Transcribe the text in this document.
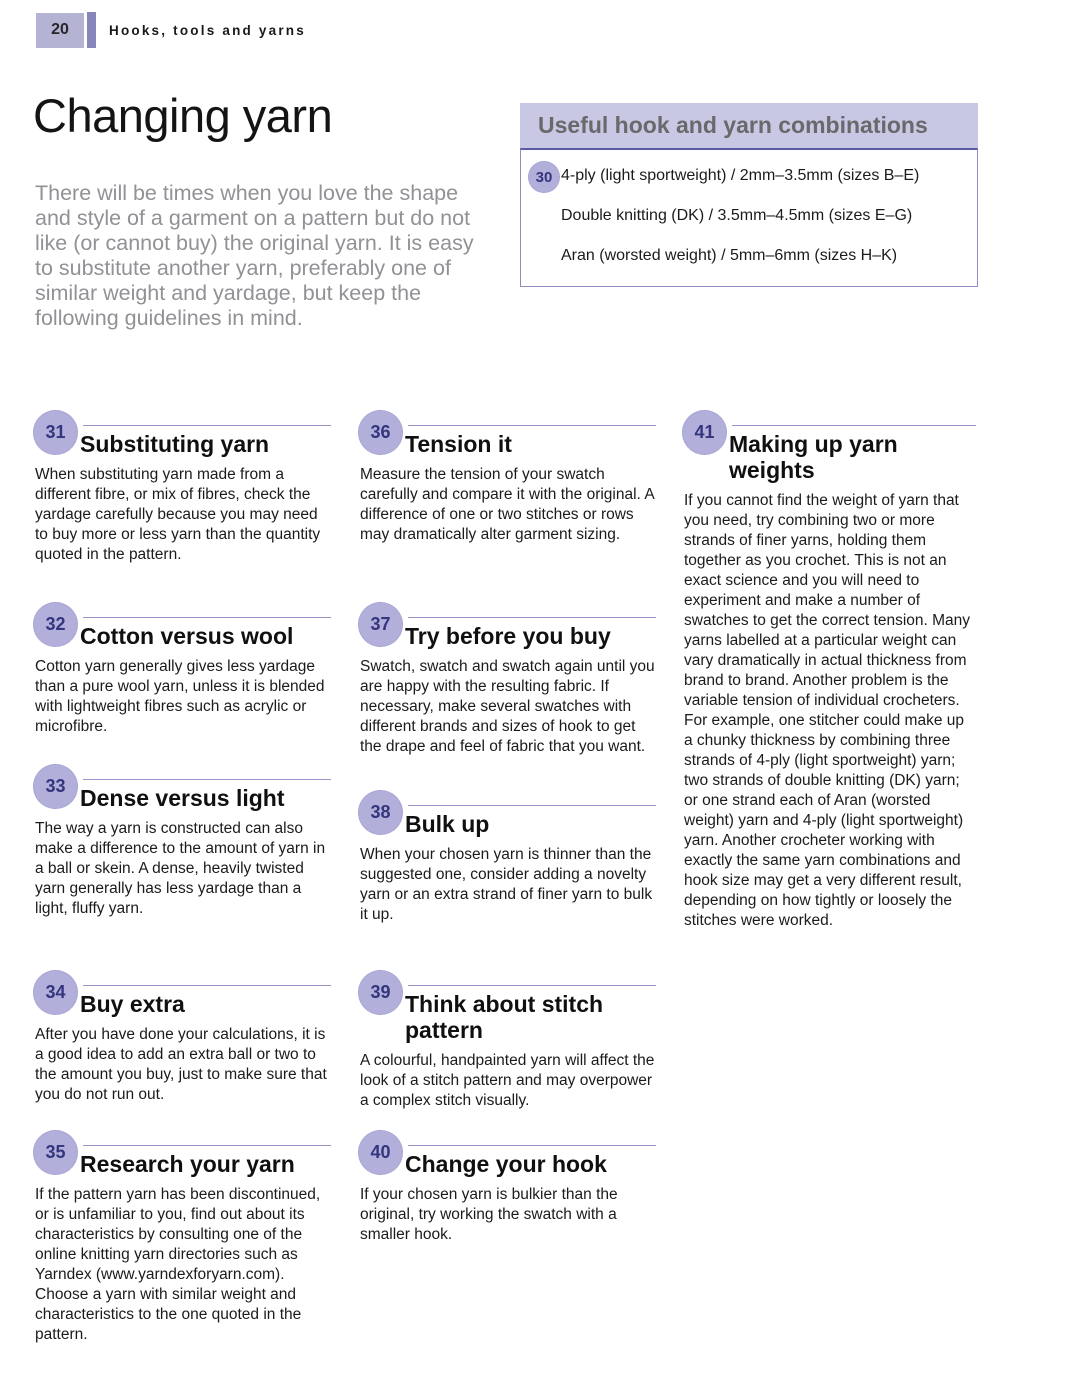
20	Hooks, tools and yarns
Changing yarn

There will be times when you love the shape and style of a garment on a pattern but do not like (or cannot buy) the original yarn. It is easy to substitute another yarn, preferably one of similar weight and yardage, but keep the following guidelines in mind.

Useful hook and yarn combinations
30 4-ply (light sportweight) / 2mm–3.5mm (sizes B–E)
Double knitting (DK) / 3.5mm–4.5mm (sizes E–G)
Aran (worsted weight) / 5mm–6mm (sizes H–K)
31 Substituting yarn

When substituting yarn made from a different fibre, or mix of fibres, check the yardage carefully because you may need to buy more or less yarn than the quantity quoted in the pattern.

32 Cotton versus wool

Cotton yarn generally gives less yardage than a pure wool yarn, unless it is blended with lightweight fibres such as acrylic or microfibre.

33 Dense versus light

The way a yarn is constructed can also make a difference to the amount of yarn in a ball or skein. A dense, heavily twisted yarn generally has less yardage than a light, fluffy yarn.

34 Buy extra

After you have done your calculations, it is a good idea to add an extra ball or two to the amount you buy, just to make sure that you do not run out.

35 Research your yarn

If the pattern yarn has been discontinued, or is unfamiliar to you, find out about its characteristics by consulting one of the online knitting yarn directories such as Yarndex (www.yarndexforyarn.com). Choose a yarn with similar weight and characteristics to the one quoted in the pattern.

36 Tension it

Measure the tension of your swatch carefully and compare it with the original. A difference of one or two stitches or rows may dramatically alter garment sizing.

37 Try before you buy

Swatch, swatch and swatch again until you are happy with the resulting fabric. If necessary, make several swatches with different brands and sizes of hook to get the drape and feel of fabric that you want.

38 Bulk up

When your chosen yarn is thinner than the suggested one, consider adding a novelty yarn or an extra strand of finer yarn to bulk it up.

39 Think about stitch pattern

A colourful, handpainted yarn will affect the look of a stitch pattern and may overpower a complex stitch visually.

40 Change your hook

If your chosen yarn is bulkier than the original, try working the swatch with a smaller hook.

41 Making up yarn weights

If you cannot find the weight of yarn that you need, try combining two or more strands of finer yarns, holding them together as you crochet. This is not an exact science and you will need to experiment and make a number of swatches to get the correct tension. Many yarns labelled at a particular weight can vary dramatically in actual thickness from brand to brand. Another problem is the variable tension of individual crocheters. For example, one stitcher could make up a chunky thickness by combining three strands of 4-ply (light sportweight) yarn; two strands of double knitting (DK) yarn; or one strand each of Aran (worsted weight) yarn and 4-ply (light sportweight) yarn. Another crocheter working with exactly the same yarn combinations and hook size may get a very different result, depending on how tightly or loosely the stitches were worked.
